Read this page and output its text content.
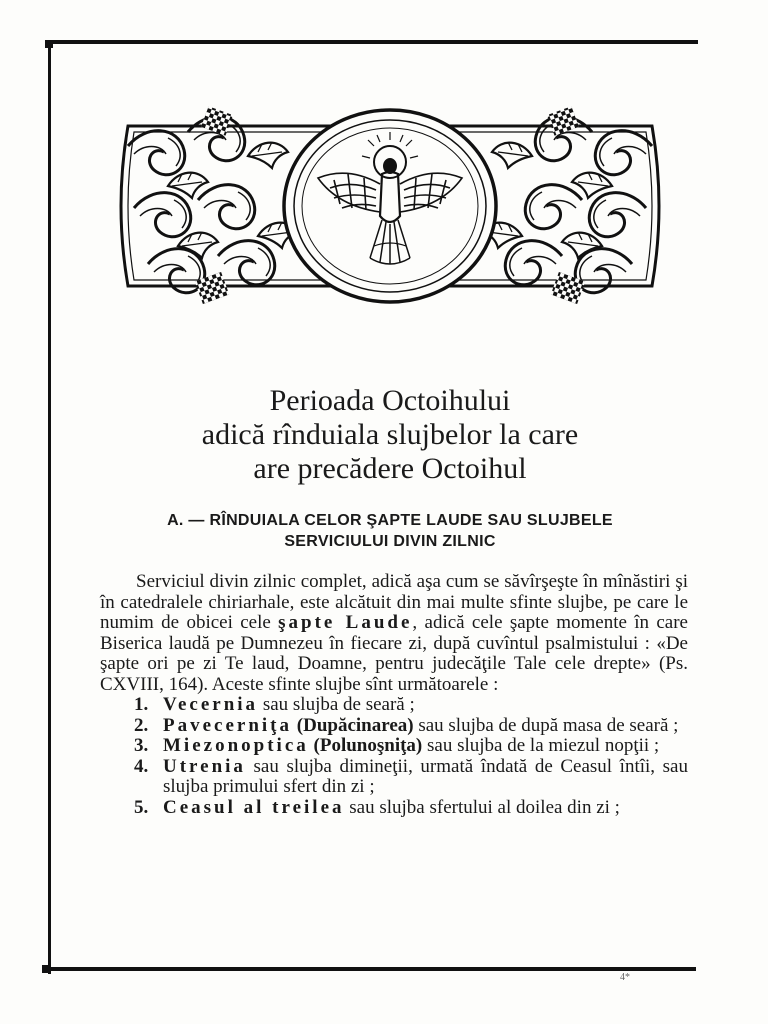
Perioada Octoihului
adică rînduiala slujbelor la care
are precădere Octoihul
A. — RÎNDUIALA CELOR ŞAPTE LAUDE SAU SLUJBELE
SERVICIULUI DIVIN ZILNIC

Serviciul divin zilnic complet, adică aşa cum se săvîrşeşte în mînăstiri şi în catedralele chiriarhale, este alcătuit din mai multe sfinte slujbe, pe care le numim de obicei cele şapte Laude, adică cele şapte momente în care Biserica laudă pe Dumnezeu în fiecare zi, după cuvîntul psalmistului : «De şapte ori pe zi Te laud, Doamne, pentru judecăţile Tale cele drepte» (Ps. CXVIII, 164). Aceste sfinte slujbe sînt următoarele :

1. Vecernia sau slujba de seară ;
2. Pavecerniţa (Dupăcinarea) sau slujba de după masa de seară ;
3. Miezonoptica (Polunoşniţa) sau slujba de la miezul nopţii ;
4. Utrenia sau slujba dimineţii, urmată îndată de Ceasul întîi, sau slujba primului sfert din zi ;
5. Ceasul al treilea sau slujba sfertului al doilea din zi ;
4*
